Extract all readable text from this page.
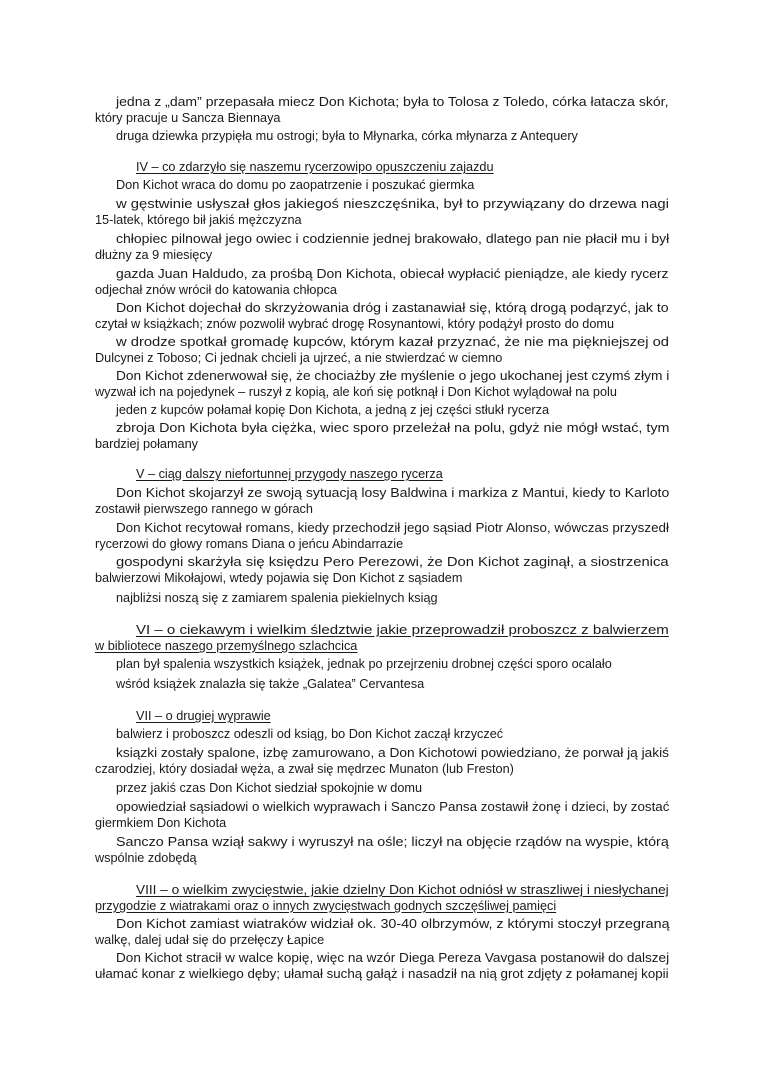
jedna z „dam” przepasała miecz Don Kichota; była to Tolosa z Toledo, córka łatacza skór,

który pracuje u Sancza Biennaya

druga dziewka przypięła mu ostrogi; była to Młynarka, córka młynarza z Antequery

IV – co zdarzyło się naszemu rycerzowipo opuszczeniu zajazdu

Don Kichot wraca do domu po zaopatrzenie i poszukać giermka

w gęstwinie usłyszał głos jakiegoś nieszczęśnika, był to przywiązany do drzewa nagi

15-latek, którego bił jakiś mężczyzna

chłopiec pilnował jego owiec i codziennie jednej brakowało, dlatego pan nie płacił mu i był

dłużny za 9 miesięcy

gazda Juan Haldudo, za prośbą Don Kichota, obiecał wypłacić pieniądze, ale kiedy rycerz

odjechał znów wrócił do katowania chłopca

Don Kichot dojechał do skrzyżowania dróg i zastanawiał się, którą drogą podąrzyć, jak to

czytał w książkach; znów pozwolił wybrać drogę Rosynantowi, który podążył prosto do domu

w drodze spotkał gromadę kupców, którym kazał przyznać, że nie ma piękniejszej od

Dulcynei z Toboso; Ci jednak chcieli ja ujrzeć, a nie stwierdzać w ciemno

Don Kichot zdenerwował się, że chociażby złe myślenie o jego ukochanej jest czymś złym i

wyzwał ich na pojedynek – ruszył z kopią, ale koń się potknął i Don Kichot wylądował na polu

jeden z kupców połamał kopię Don Kichota, a jedną z jej części stłukł rycerza

zbroja Don Kichota była ciężka, wiec sporo przeleżał na polu, gdyż nie mógł wstać, tym

bardziej połamany

V – ciąg dalszy niefortunnej przygody naszego rycerza

Don Kichot skojarzył ze swoją sytuacją losy Baldwina i markiza z Mantui, kiedy to Karloto

zostawił pierwszego rannego w górach

Don Kichot recytował romans, kiedy przechodził jego sąsiad Piotr Alonso, wówczas przyszedł

rycerzowi do głowy romans Diana o jeńcu Abindarrazie

gospodyni skarżyła się księdzu Pero Perezowi, że Don Kichot zaginął, a siostrzenica

balwierzowi Mikołajowi, wtedy pojawia się Don Kichot z sąsiadem

najbliżsi noszą się z zamiarem spalenia piekielnych ksiąg

VI – o ciekawym i wielkim śledztwie jakie przeprowadził proboszcz z balwierzem

w bibliotece naszego przemyślnego szlachcica

plan był spalenia wszystkich książek, jednak po przejrzeniu drobnej części sporo ocalało

wśród książek znalazła się także „Galatea” Cervantesa

VII – o drugiej wyprawie

balwierz i proboszcz odeszli od ksiąg, bo Don Kichot zaczął krzyczeć

ksiązki zostały spalone, izbę zamurowano, a Don Kichotowi powiedziano, że porwał ją jakiś

czarodziej, który dosiadał węża, a zwał się mędrzec Munaton (lub Freston)

przez jakiś czas Don Kichot siedział spokojnie w domu

opowiedział sąsiadowi o wielkich wyprawach i Sanczo Pansa zostawił żonę i dzieci, by zostać

giermkiem Don Kichota

Sanczo Pansa wziął sakwy i wyruszył na ośle; liczył na objęcie rządów na wyspie, którą

wspólnie zdobędą

VIII – o wielkim zwycięstwie, jakie dzielny Don Kichot odniósł w straszliwej i niesłychanej

przygodzie z wiatrakami oraz o innych zwycięstwach godnych szczęśliwej pamięci

Don Kichot zamiast wiatraków widział ok. 30-40 olbrzymów, z którymi stoczył przegraną

walkę, dalej udał się do przełęczy Łapice

Don Kichot stracił w walce kopię, więc na wzór Diega Pereza Vavgasa postanowił do dalszej

ułamać konar z wielkiego dęby; ułamał suchą gałąż i nasadził na nią grot zdjęty z połamanej kopii
